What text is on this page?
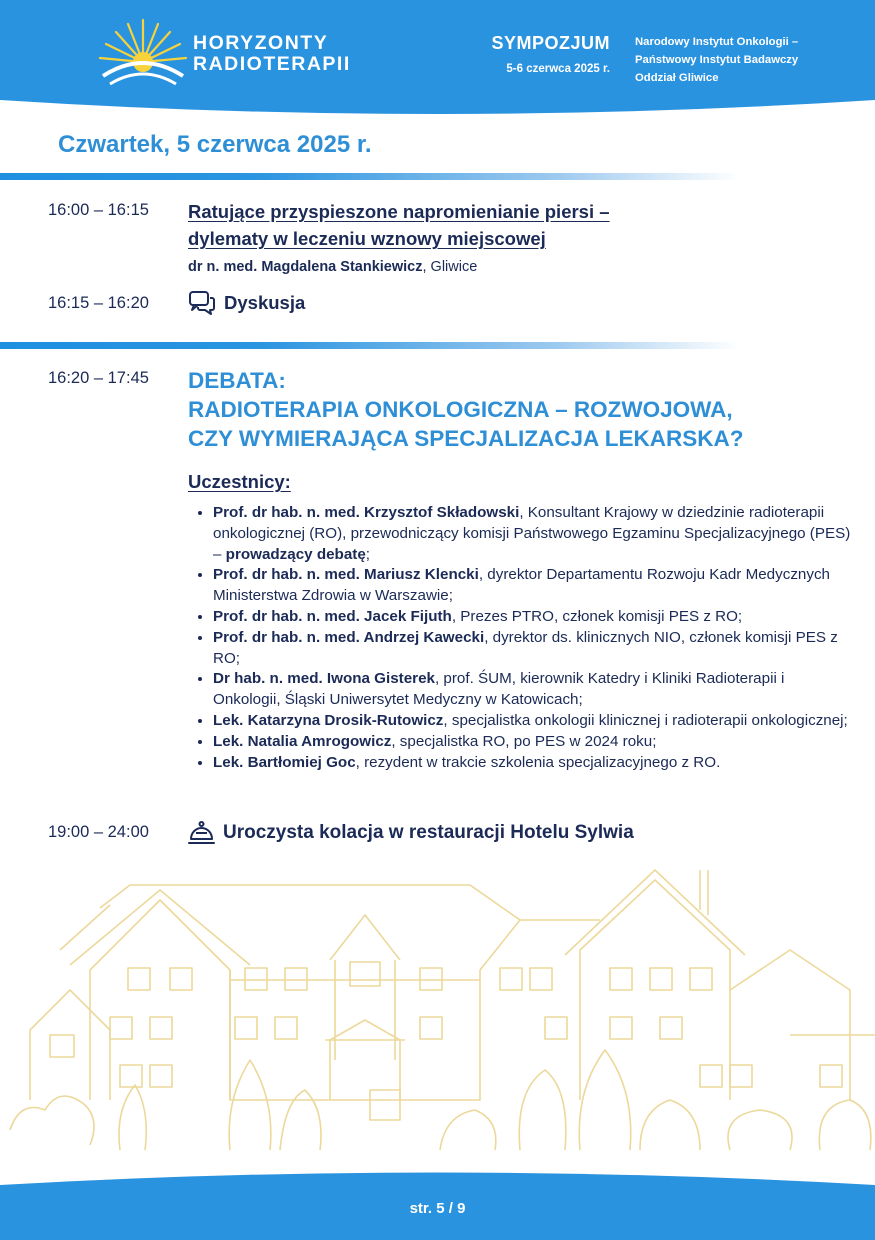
HORYZONTY
RADIOTERAPII
SYMPOZJUM
5-6 czerwca 2025 r.
Narodowy Instytut Onkologii –
Państwowy Instytut Badawczy
Oddział Gliwice
Czwartek, 5 czerwca 2025 r.
16:00 – 16:15 Ratujące przyspieszone napromienianie piersi –
dylematy w leczeniu wznowy miejscowej
dr n. med. Magdalena Stankiewicz, Gliwice
16:15 – 16:20	Dyskusja
16:20 – 17:45 DEBATA:
RADIOTERAPIA ONKOLOGICZNA – ROZWOJOWA,
CZY WYMIERAJĄCA SPECJALIZACJA LEKARSKA?
Uczestnicy:
• Prof. dr hab. n. med. Krzysztof Składowski, Konsultant Krajowy w dziedzinie radioterapii onkologicznej (RO), przewodniczący komisji Państwowego Egzaminu Specjalizacyjnego (PES) – prowadzący debatę;
• Prof. dr hab. n. med. Mariusz Klencki, dyrektor Departamentu Rozwoju Kadr Medycznych Ministerstwa Zdrowia w Warszawie;
• Prof. dr hab. n. med. Jacek Fijuth, Prezes PTRO, członek komisji PES z RO;
• Prof. dr hab. n. med. Andrzej Kawecki, dyrektor ds. klinicznych NIO, członek komisji PES z RO;
• Dr hab. n. med. Iwona Gisterek, prof. ŚUM, kierownik Katedry i Kliniki Radioterapii i Onkologii, Śląski Uniwersytet Medyczny w Katowicach;
• Lek. Katarzyna Drosik-Rutowicz, specjalistka onkologii klinicznej i radioterapii onkologicznej;
• Lek. Natalia Amrogowicz, specjalistka RO, po PES w 2024 roku;
• Lek. Bartłomiej Goc, rezydent w trakcie szkolenia specjalizacyjnego z RO.
19:00 – 24:00	Uroczysta kolacja w restauracji Hotelu Sylwia
str. 5 / 9
